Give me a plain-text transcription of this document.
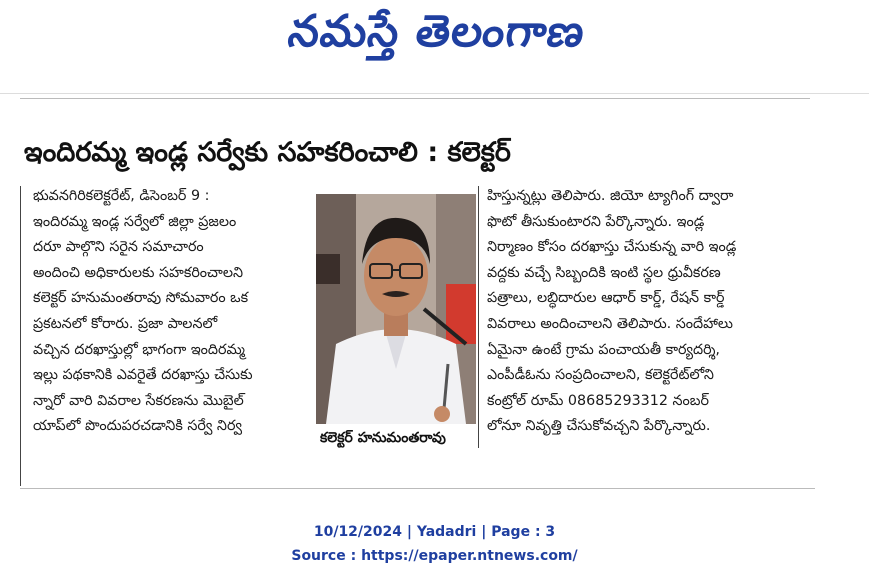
నమస్తే తెలంగాణ
ఇందిరమ్మ ఇండ్ల సర్వేకు సహకరించాలి : కలెక్టర్
భువనగిరికలెక్టరేట్‌, డిసెంబర్‌ 9 :
ఇందిరమ్మ ఇండ్ల సర్వేలో జిల్లా ప్రజలం
దరూ పాల్గొని సరైన సమాచారం
అందించి అధికారులకు సహకరించాలని
కలెక్టర్‌ హనుమంతరావు సోమవారం ఒక
ప్రకటనలో కోరారు. ప్రజా పాలనలో
వచ్చిన దరఖాస్తుల్లో భాగంగా ఇందిరమ్మ
ఇల్లు పథకానికి ఎవరైతే దరఖాస్తు చేసుకు
న్నారో వారి వివరాల సేకరణను మొబైల్‌
యాప్‌లో పొందుపరచడానికి సర్వే నిర్వ
కలెక్టర్‌ హనుమంతరావు
హిస్తున్నట్లు తెలిపారు. జియో ట్యాగింగ్‌ ద్వారా
ఫొటో తీసుకుంటారని పేర్కొన్నారు. ఇండ్ల
నిర్మాణం కోసం దరఖాస్తు చేసుకున్న వారి ఇండ్ల
వద్దకు వచ్చే సిబ్బందికి ఇంటి స్థల ధ్రువీకరణ
పత్రాలు, లబ్ధిదారుల ఆధార్‌ కార్డ్‌, రేషన్‌ కార్డ్‌
వివరాలు అందించాలని తెలిపారు. సందేహాలు
ఏమైనా ఉంటే గ్రామ పంచాయతీ కార్యదర్శి,
ఎంపీడీఓను సంప్రదించాలని, కలెక్టరేట్‌లోని
కంట్రోల్‌ రూమ్‌ 08685293312 నంబర్‌
లోనూ నివృత్తి చేసుకోవచ్చని పేర్కొన్నారు.
10/12/2024 | Yadadri | Page : 3
Source : https://epaper.ntnews.com/
